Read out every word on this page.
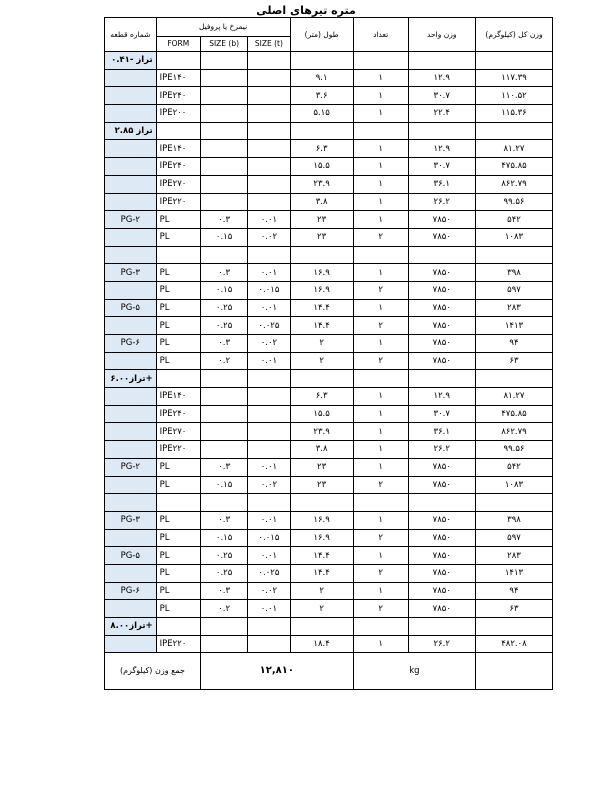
متره تیرهای اصلی
شماره قطعه	نیمرخ یا پروفیل			طول (متر)	تعداد	وزن واحد	وزن کل (کیلوگرم)
	FORM	SIZE (b)	SIZE (t)				
تراز -۰.۴۱							
	IPE۱۴۰			۹.۱	۱	۱۲.۹	۱۱۷.۳۹
	IPE۲۴۰			۳.۶	۱	۳۰.۷	۱۱۰.۵۲
	IPE۲۰۰			۵.۱۵	۱	۲۲.۴	۱۱۵.۳۶
تراز ۲.۸۵							
	IPE۱۴۰			۶.۳	۱	۱۲.۹	۸۱.۲۷
	IPE۲۴۰			۱۵.۵	۱	۳۰.۷	۴۷۵.۸۵
	IPE۲۷۰			۲۳.۹	۱	۳۶.۱	۸۶۲.۷۹
	IPE۲۲۰			۳.۸	۱	۲۶.۲	۹۹.۵۶
PG-۲	PL	۰.۳	۰.۰۱	۲۳	۱	۷۸۵۰	۵۴۲
	PL	۰.۱۵	۰.۰۲	۲۳	۲	۷۸۵۰	۱۰۸۳

PG-۳	PL	۰.۳	۰.۰۱	۱۶.۹	۱	۷۸۵۰	۳۹۸
	PL	۰.۱۵	۰.۰۱۵	۱۶.۹	۲	۷۸۵۰	۵۹۷
PG-۵	PL	۰.۲۵	۰.۰۱	۱۴.۴	۱	۷۸۵۰	۲۸۳
	PL	۰.۲۵	۰.۰۲۵	۱۴.۴	۲	۷۸۵۰	۱۴۱۳
PG-۶	PL	۰.۳	۰.۰۲	۲	۱	۷۸۵۰	۹۴
	PL	۰.۲	۰.۰۱	۲	۲	۷۸۵۰	۶۳
تراز۶.۰۰+							
	IPE۱۴۰			۶.۳	۱	۱۲.۹	۸۱.۲۷
	IPE۲۴۰			۱۵.۵	۱	۳۰.۷	۴۷۵.۸۵
	IPE۲۷۰			۲۳.۹	۱	۳۶.۱	۸۶۲.۷۹
	IPE۲۲۰			۳.۸	۱	۲۶.۲	۹۹.۵۶
PG-۲	PL	۰.۳	۰.۰۱	۲۳	۱	۷۸۵۰	۵۴۲
	PL	۰.۱۵	۰.۰۲	۲۳	۲	۷۸۵۰	۱۰۸۳

PG-۳	PL	۰.۳	۰.۰۱	۱۶.۹	۱	۷۸۵۰	۳۹۸
	PL	۰.۱۵	۰.۰۱۵	۱۶.۹	۲	۷۸۵۰	۵۹۷
PG-۵	PL	۰.۲۵	۰.۰۱	۱۴.۴	۱	۷۸۵۰	۲۸۳
	PL	۰.۲۵	۰.۰۲۵	۱۴.۴	۲	۷۸۵۰	۱۴۱۳
PG-۶	PL	۰.۳	۰.۰۲	۲	۱	۷۸۵۰	۹۴
	PL	۰.۲	۰.۰۱	۲	۲	۷۸۵۰	۶۳
تراز۸.۰۰+							
	IPE۲۲۰			۱۸.۴	۱	۲۶.۲	۴۸۲.۰۸
جمع وزن (کیلوگرم)		۱۲,۸۱۰			kg		
